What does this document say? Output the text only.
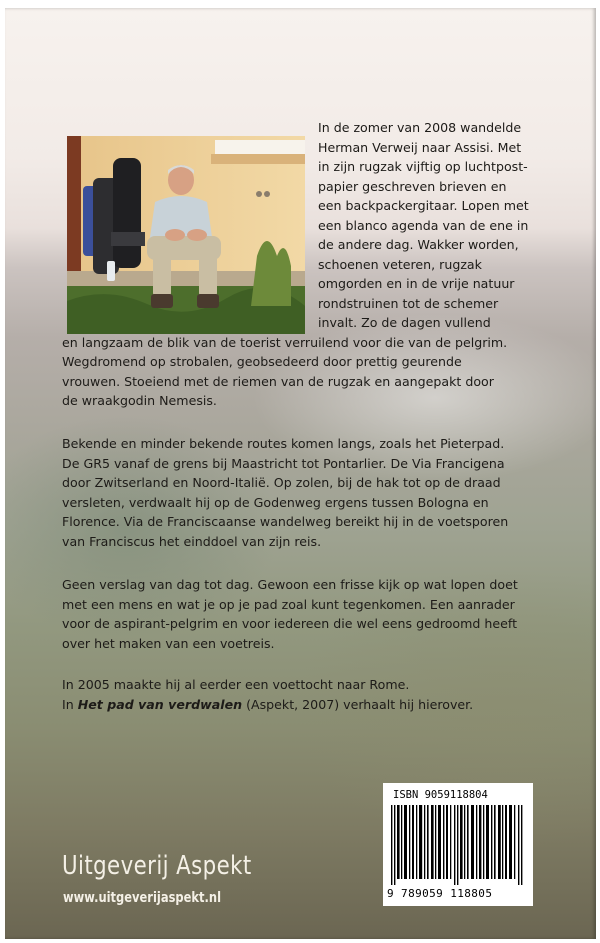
In de zomer van 2008 wandelde

Herman Verweij naar Assisi. Met

in zijn rugzak vijftig op luchtpost-

papier geschreven brieven en

een backpackergitaar. Lopen met

een blanco agenda van de ene in

de andere dag. Wakker worden,

schoenen veteren, rugzak

omgorden en in de vrije natuur

rondstruinen tot de schemer

invalt. Zo de dagen vullend

en langzaam de blik van de toerist verruilend voor die van de pelgrim.

Wegdromend op strobalen, geobsedeerd door prettig geurende

vrouwen. Stoeiend met de riemen van de rugzak en aangepakt door

de wraakgodin Nemesis.

Bekende en minder bekende routes komen langs, zoals het Pieterpad.

De GR5 vanaf de grens bij Maastricht tot Pontarlier. De Via Francigena

door Zwitserland en Noord-Italië. Op zolen, bij de hak tot op de draad

versleten, verdwaalt hij op de Godenweg ergens tussen Bologna en

Florence. Via de Franciscaanse wandelweg bereikt hij in de voetsporen

van Franciscus het einddoel van zijn reis.

Geen verslag van dag tot dag. Gewoon een frisse kijk op wat lopen doet

met een mens en wat je op je pad zoal kunt tegenkomen. Een aanrader

voor de aspirant-pelgrim en voor iedereen die wel eens gedroomd heeft

over het maken van een voetreis.

In 2005 maakte hij al eerder een voettocht naar Rome.

In Het pad van verdwalen (Aspekt, 2007) verhaalt hij hierover.

Uitgeverij Aspekt
www.uitgeverijaspekt.nl
ISBN 9059118804
9 789059 118805
